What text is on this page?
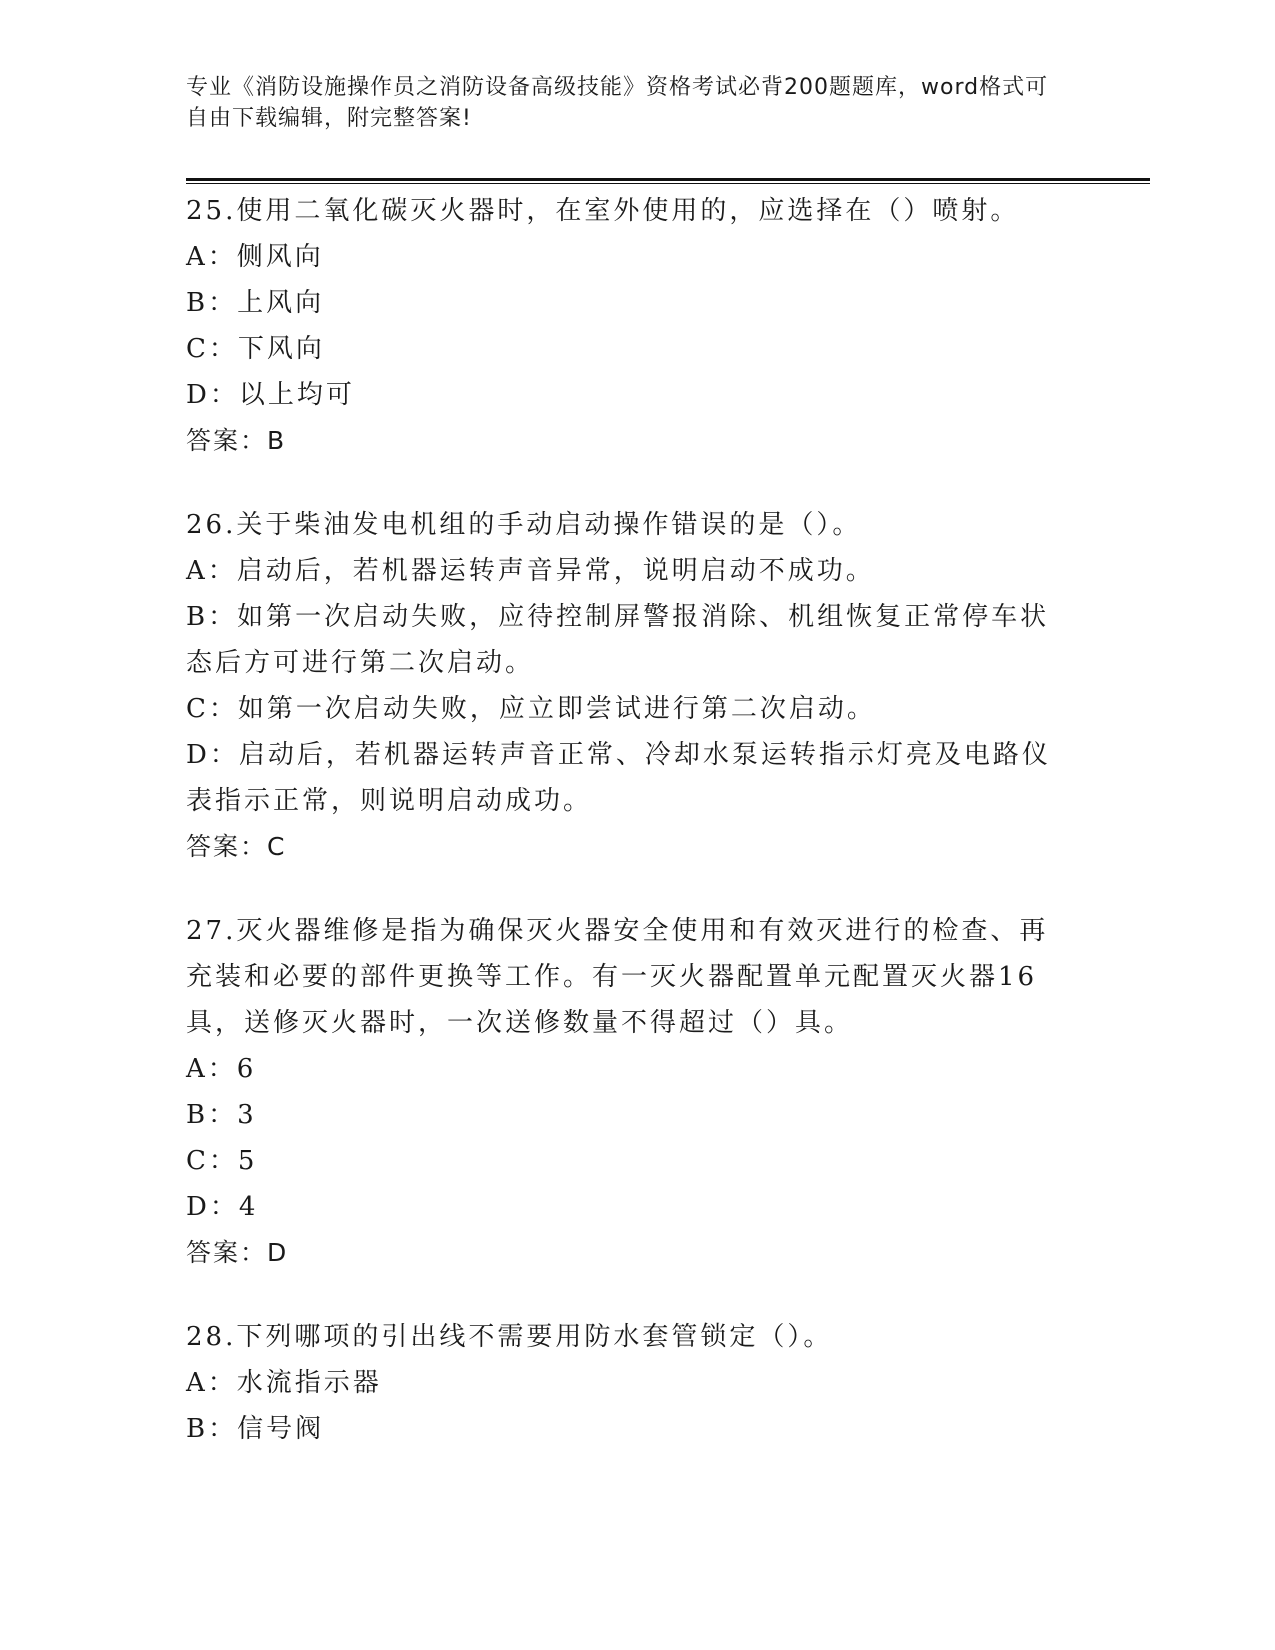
专业《消防设施操作员之消防设备高级技能》资格考试必背200题题库，word格式可自由下载编辑，附完整答案!

25.使用二氧化碳灭火器时，在室外使用的，应选择在（）喷射。

A：侧风向

B：上风向

C：下风向

D：以上均可

答案：B

26.关于柴油发电机组的手动启动操作错误的是（）。

A：启动后，若机器运转声音异常，说明启动不成功。

B：如第一次启动失败，应待控制屏警报消除、机组恢复正常停车状态后方可进行第二次启动。

C：如第一次启动失败，应立即尝试进行第二次启动。

D：启动后，若机器运转声音正常、冷却水泵运转指示灯亮及电路仪表指示正常，则说明启动成功。

答案：C

27.灭火器维修是指为确保灭火器安全使用和有效灭进行的检查、再充装和必要的部件更换等工作。有一灭火器配置单元配置灭火器16具，送修灭火器时，一次送修数量不得超过（）具。

A：6

B：3

C：5

D：4

答案：D

28.下列哪项的引出线不需要用防水套管锁定（）。

A：水流指示器

B：信号阀
